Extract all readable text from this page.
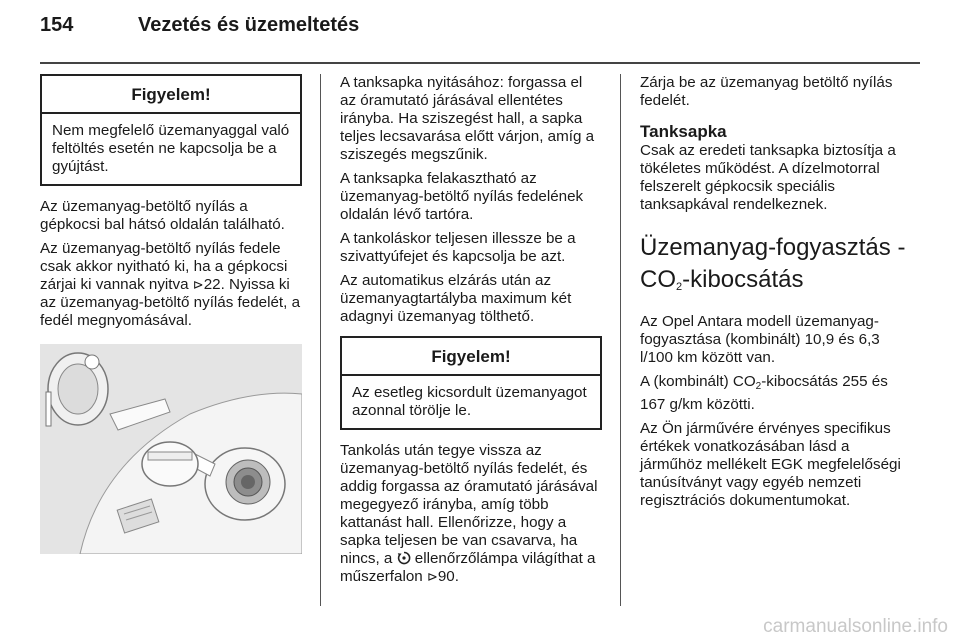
154	Vezetés és üzemeltetés
Figyelem!
Nem megfelelő üzemanyaggal való feltöltés esetén ne kapcsolja be a gyújtást.

Az üzemanyag-betöltő nyílás a gépkocsi bal hátsó oldalán található.

Az üzemanyag-betöltő nyílás fedele csak akkor nyitható ki, ha a gépkocsi zárjai ki vannak nyitva ⊳22. Nyissa ki az üzemanyag-betöltő nyílás fedelét, a fedél megnyomásával.

A tanksapka nyitásához: forgassa el az óramutató járásával ellentétes irányba. Ha sziszegést hall, a sapka teljes lecsavarása előtt várjon, amíg a sziszegés megszűnik.

A tanksapka felakasztható az üzemanyag-betöltő nyílás fedelének oldalán lévő tartóra.

A tankoláskor teljesen illessze be a szivattyúfejet és kapcsolja be azt.

Az automatikus elzárás után az üzemanyagtartályba maximum két adagnyi üzemanyag tölthető.

Figyelem!
Az esetleg kicsordult üzemanyagot azonnal törölje le.

Tankolás után tegye vissza az üzemanyag-betöltő nyílás fedelét, és addig forgassa az óramutató járásával megegyező irányba, amíg több kattanást hall. Ellenőrizze, hogy a sapka teljesen be van csavarva, ha nincs, a  ellenőrzőlámpa világíthat a műszerfalon ⊳90.

Zárja be az üzemanyag betöltő nyílás fedelét.

Tanksapka

Csak az eredeti tanksapka biztosítja a tökéletes működést. A dízelmotorral felszerelt gépkocsik speciális tanksapkával rendelkeznek.

Üzemanyag-fogyasztás - $CO_2$-kibocsátás

Az Opel Antara modell üzemanyag-fogyasztása (kombinált) 10,9 és 6,3 l/100 km között van.

A (kombinált) $CO_2$-kibocsátás 255 és 167 g/km közötti.

Az Ön járművére érvényes specifikus értékek vonatkozásában lásd a járműhöz mellékelt EGK megfelelőségi tanúsítványt vagy egyéb nemzeti regisztrációs dokumentumokat.

carmanualsonline.info
